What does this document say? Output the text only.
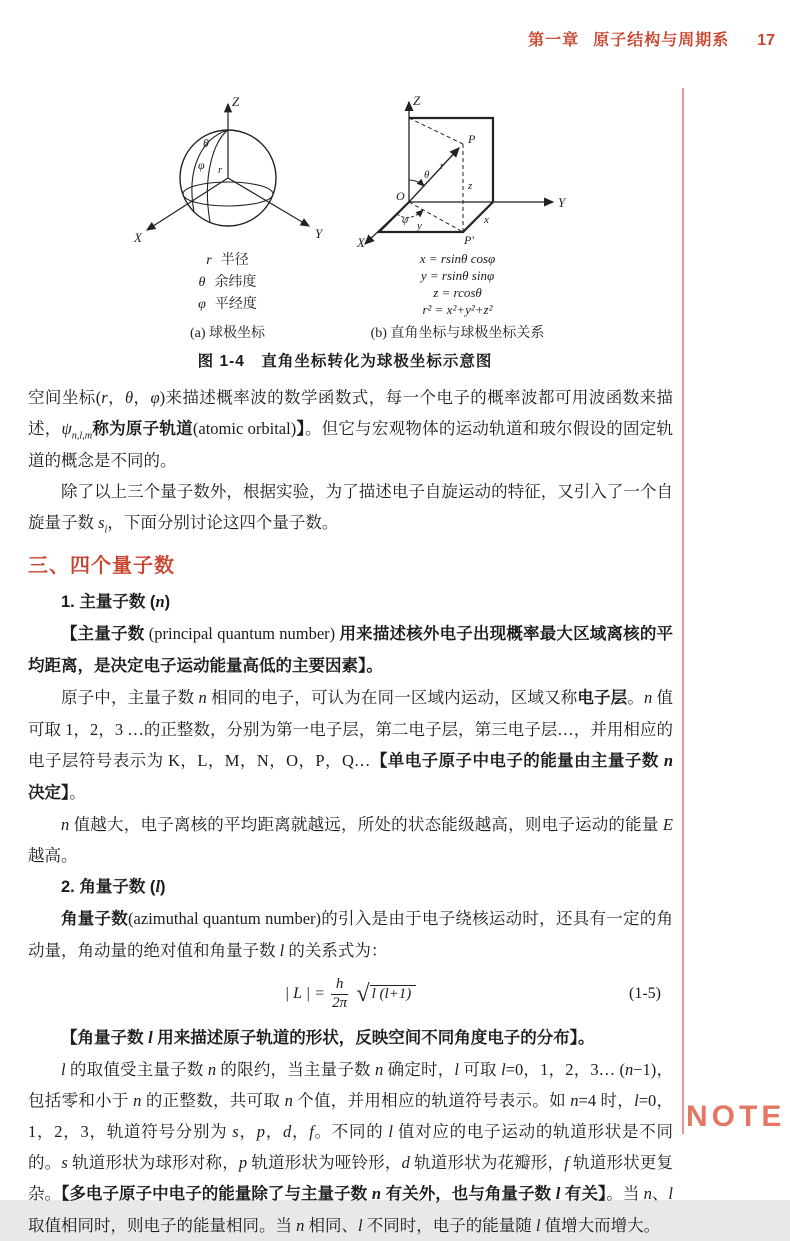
第一章 原子结构与周期系 17
Z
X	Y
θ
φ r
r 半径
θ 余纬度
φ 平经度
(a) 球极坐标
Z
Y
X
O
P
P′
r
z
x
y
θ
φ
x = rsinθ cosφ
y = rsinθ sinφ
z = rcosθ
r² = x²+y²+z²
(b) 直角坐标与球极坐标关系
图 1-4　直角坐标转化为球极坐标示意图

空间坐标(r，θ，φ)来描述概率波的数学函数式，每一个电子的概率波都可用波函数来描述，$\psi_{n,l,m}$称为原子轨道(atomic orbital)】。但它与宏观物体的运动轨道和玻尔假设的固定轨道的概念是不同的。

除了以上三个量子数外，根据实验，为了描述电子自旋运动的特征，又引入了一个自旋量子数 $s_i$，下面分别讨论这四个量子数。

三、四个量子数

1. 主量子数 (n)

【主量子数 (principal quantum number) 用来描述核外电子出现概率最大区域离核的平均距离，是决定电子运动能量高低的主要因素】。

原子中，主量子数 n 相同的电子，可认为在同一区域内运动，区域又称电子层。n 值可取 1，2，3 …的正整数，分别为第一电子层，第二电子层，第三电子层…，并用相应的电子层符号表示为 K，L，M，N，O，P，Q…【单电子原子中电子的能量由主量子数 n 决定】。

n 值越大，电子离核的平均距离就越远，所处的状态能级越高，则电子运动的能量 E 越高。

2. 角量子数 (l)

角量子数(azimuthal quantum number)的引入是由于电子绕核运动时，还具有一定的角动量，角动量的绝对值和角量子数 l 的关系式为：

| L | = $\frac{h}{2\pi}$ √ l (l+1)	(1-5)

【角量子数 l 用来描述原子轨道的形状，反映空间不同角度电子的分布】。

l 的取值受主量子数 n 的限约，当主量子数 n 确定时，l 可取 l=0，1，2，3… (n−1)，包括零和小于 n 的正整数，共可取 n 个值，并用相应的轨道符号表示。如 n=4 时，l=0，1，2，3，轨道符号分别为 s，p，d，f。不同的 l 值对应的电子运动的轨道形状是不同的。s 轨道形状为球形对称，p 轨道形状为哑铃形，d 轨道形状为花瓣形，f 轨道形状更复杂。【多电子原子中电子的能量除了与主量子数 n 有关外，也与角量子数 l 有关】。当 n、l 取值相同时，则电子的能量相同。当 n 相同、l 不同时，电子的能量随 l 值增大而增大。

NOTE
